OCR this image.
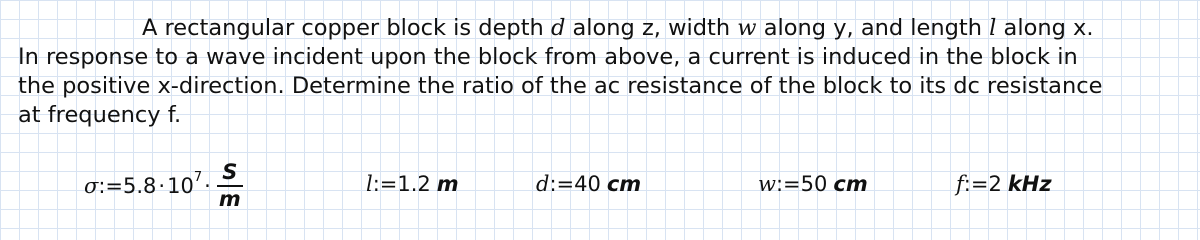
A rectangular copper block is depth d along z, width w along y, and length l along x.
In response to a wave incident upon the block from above, a current is induced in the block in
the positive x-direction. Determine the ratio of the ac resistance of the block to its dc resistance
at frequency f.
σ := 5.8 · 10 $7 \cdot \frac{S}{m}$	l:=1.2 m	d:=40 cm	w:=50 cm	f:=2 kHz
